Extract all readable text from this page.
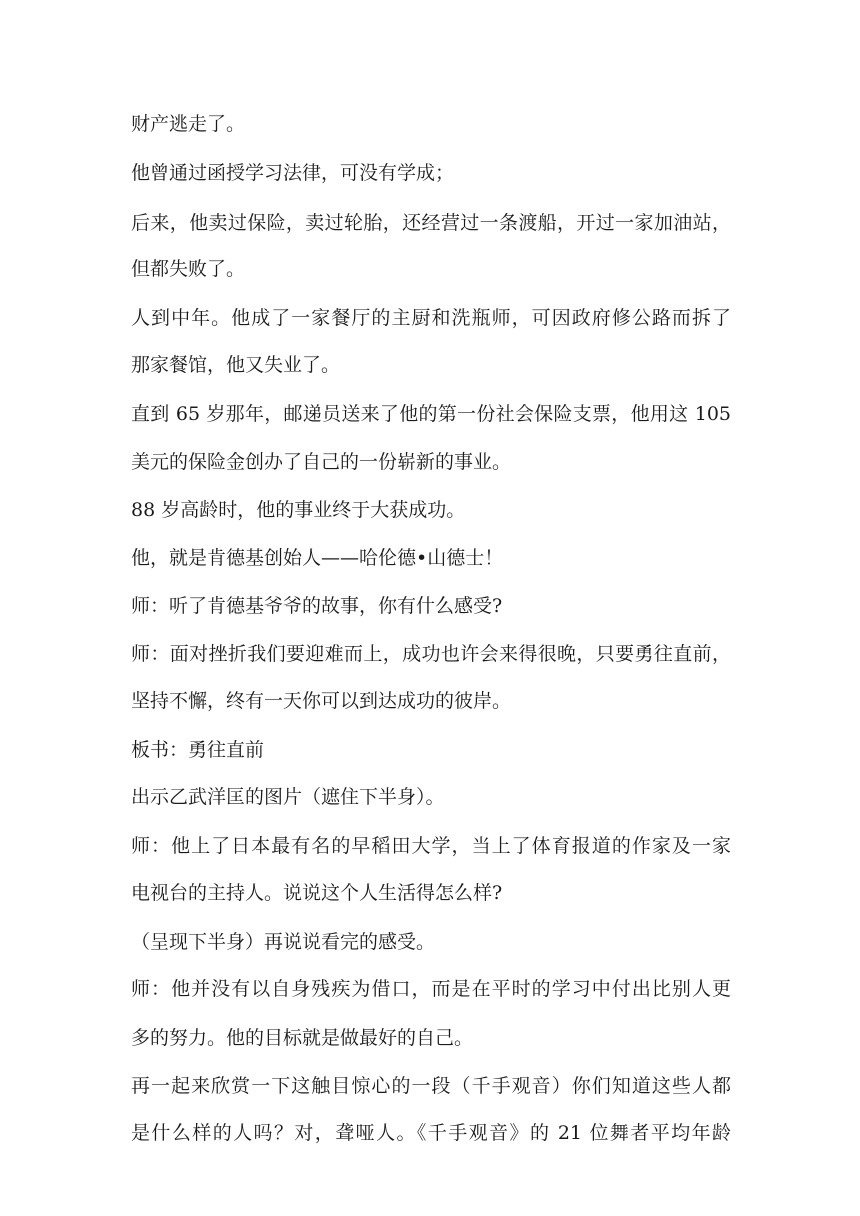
财产逃走了。
他曾通过函授学习法律，可没有学成；
后来，他卖过保险，卖过轮胎，还经营过一条渡船，开过一家加油站，
但都失败了。
人到中年。他成了一家餐厅的主厨和洗瓶师，可因政府修公路而拆了
那家餐馆，他又失业了。
直到 65 岁那年，邮递员送来了他的第一份社会保险支票，他用这 105
美元的保险金创办了自己的一份崭新的事业。
88 岁高龄时，他的事业终于大获成功。
他，就是肯德基创始人——哈伦德•山德士！
师：听了肯德基爷爷的故事，你有什么感受?
师：面对挫折我们要迎难而上，成功也许会来得很晚，只要勇往直前，
坚持不懈，终有一天你可以到达成功的彼岸。
板书：勇往直前
出示乙武洋匡的图片（遮住下半身）。
师：他上了日本最有名的早稻田大学，当上了体育报道的作家及一家
电视台的主持人。说说这个人生活得怎么样?
（呈现下半身）再说说看完的感受。
师：他并没有以自身残疾为借口，而是在平时的学习中付出比别人更
多的努力。他的目标就是做最好的自己。
再一起来欣赏一下这触目惊心的一段（千手观音）你们知道这些人都
是什么样的人吗？对，聋哑人。《千手观音》的 21 位舞者平均年龄
